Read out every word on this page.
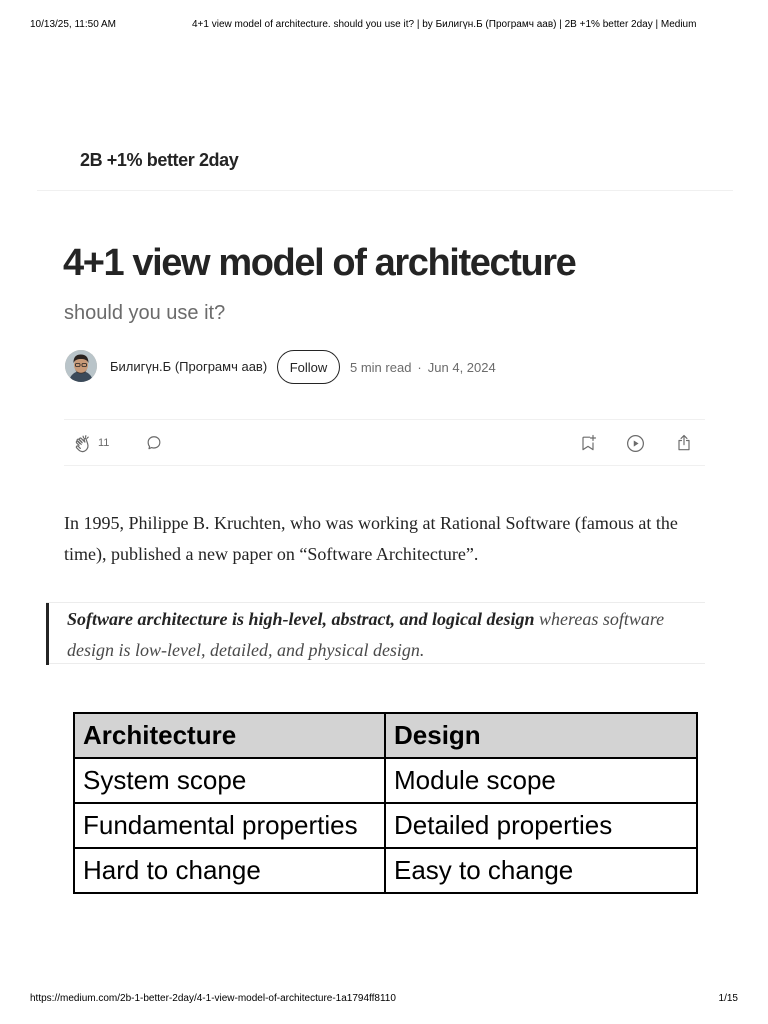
10/13/25, 11:50 AM	4+1 view model of architecture. should you use it? | by Билигүн.Б (Програмч аав) | 2B +1% better 2day | Medium
2B +1% better 2day
4+1 view model of architecture
should you use it?
Билигүн.Б (Програмч аав)	Follow	5 min read · Jun 4, 2024
11

In 1995, Philippe B. Kruchten, who was working at Rational Software (famous at the time), published a new paper on “Software Architecture”.

Software architecture is high-level, abstract, and logical design whereas software design is low-level, detailed, and physical design.

Architecture	Design
System scope	Module scope
Fundamental properties	Detailed properties
Hard to change	Easy to change
https://medium.com/2b-1-better-2day/4-1-view-model-of-architecture-1a1794ff8110	1/15
